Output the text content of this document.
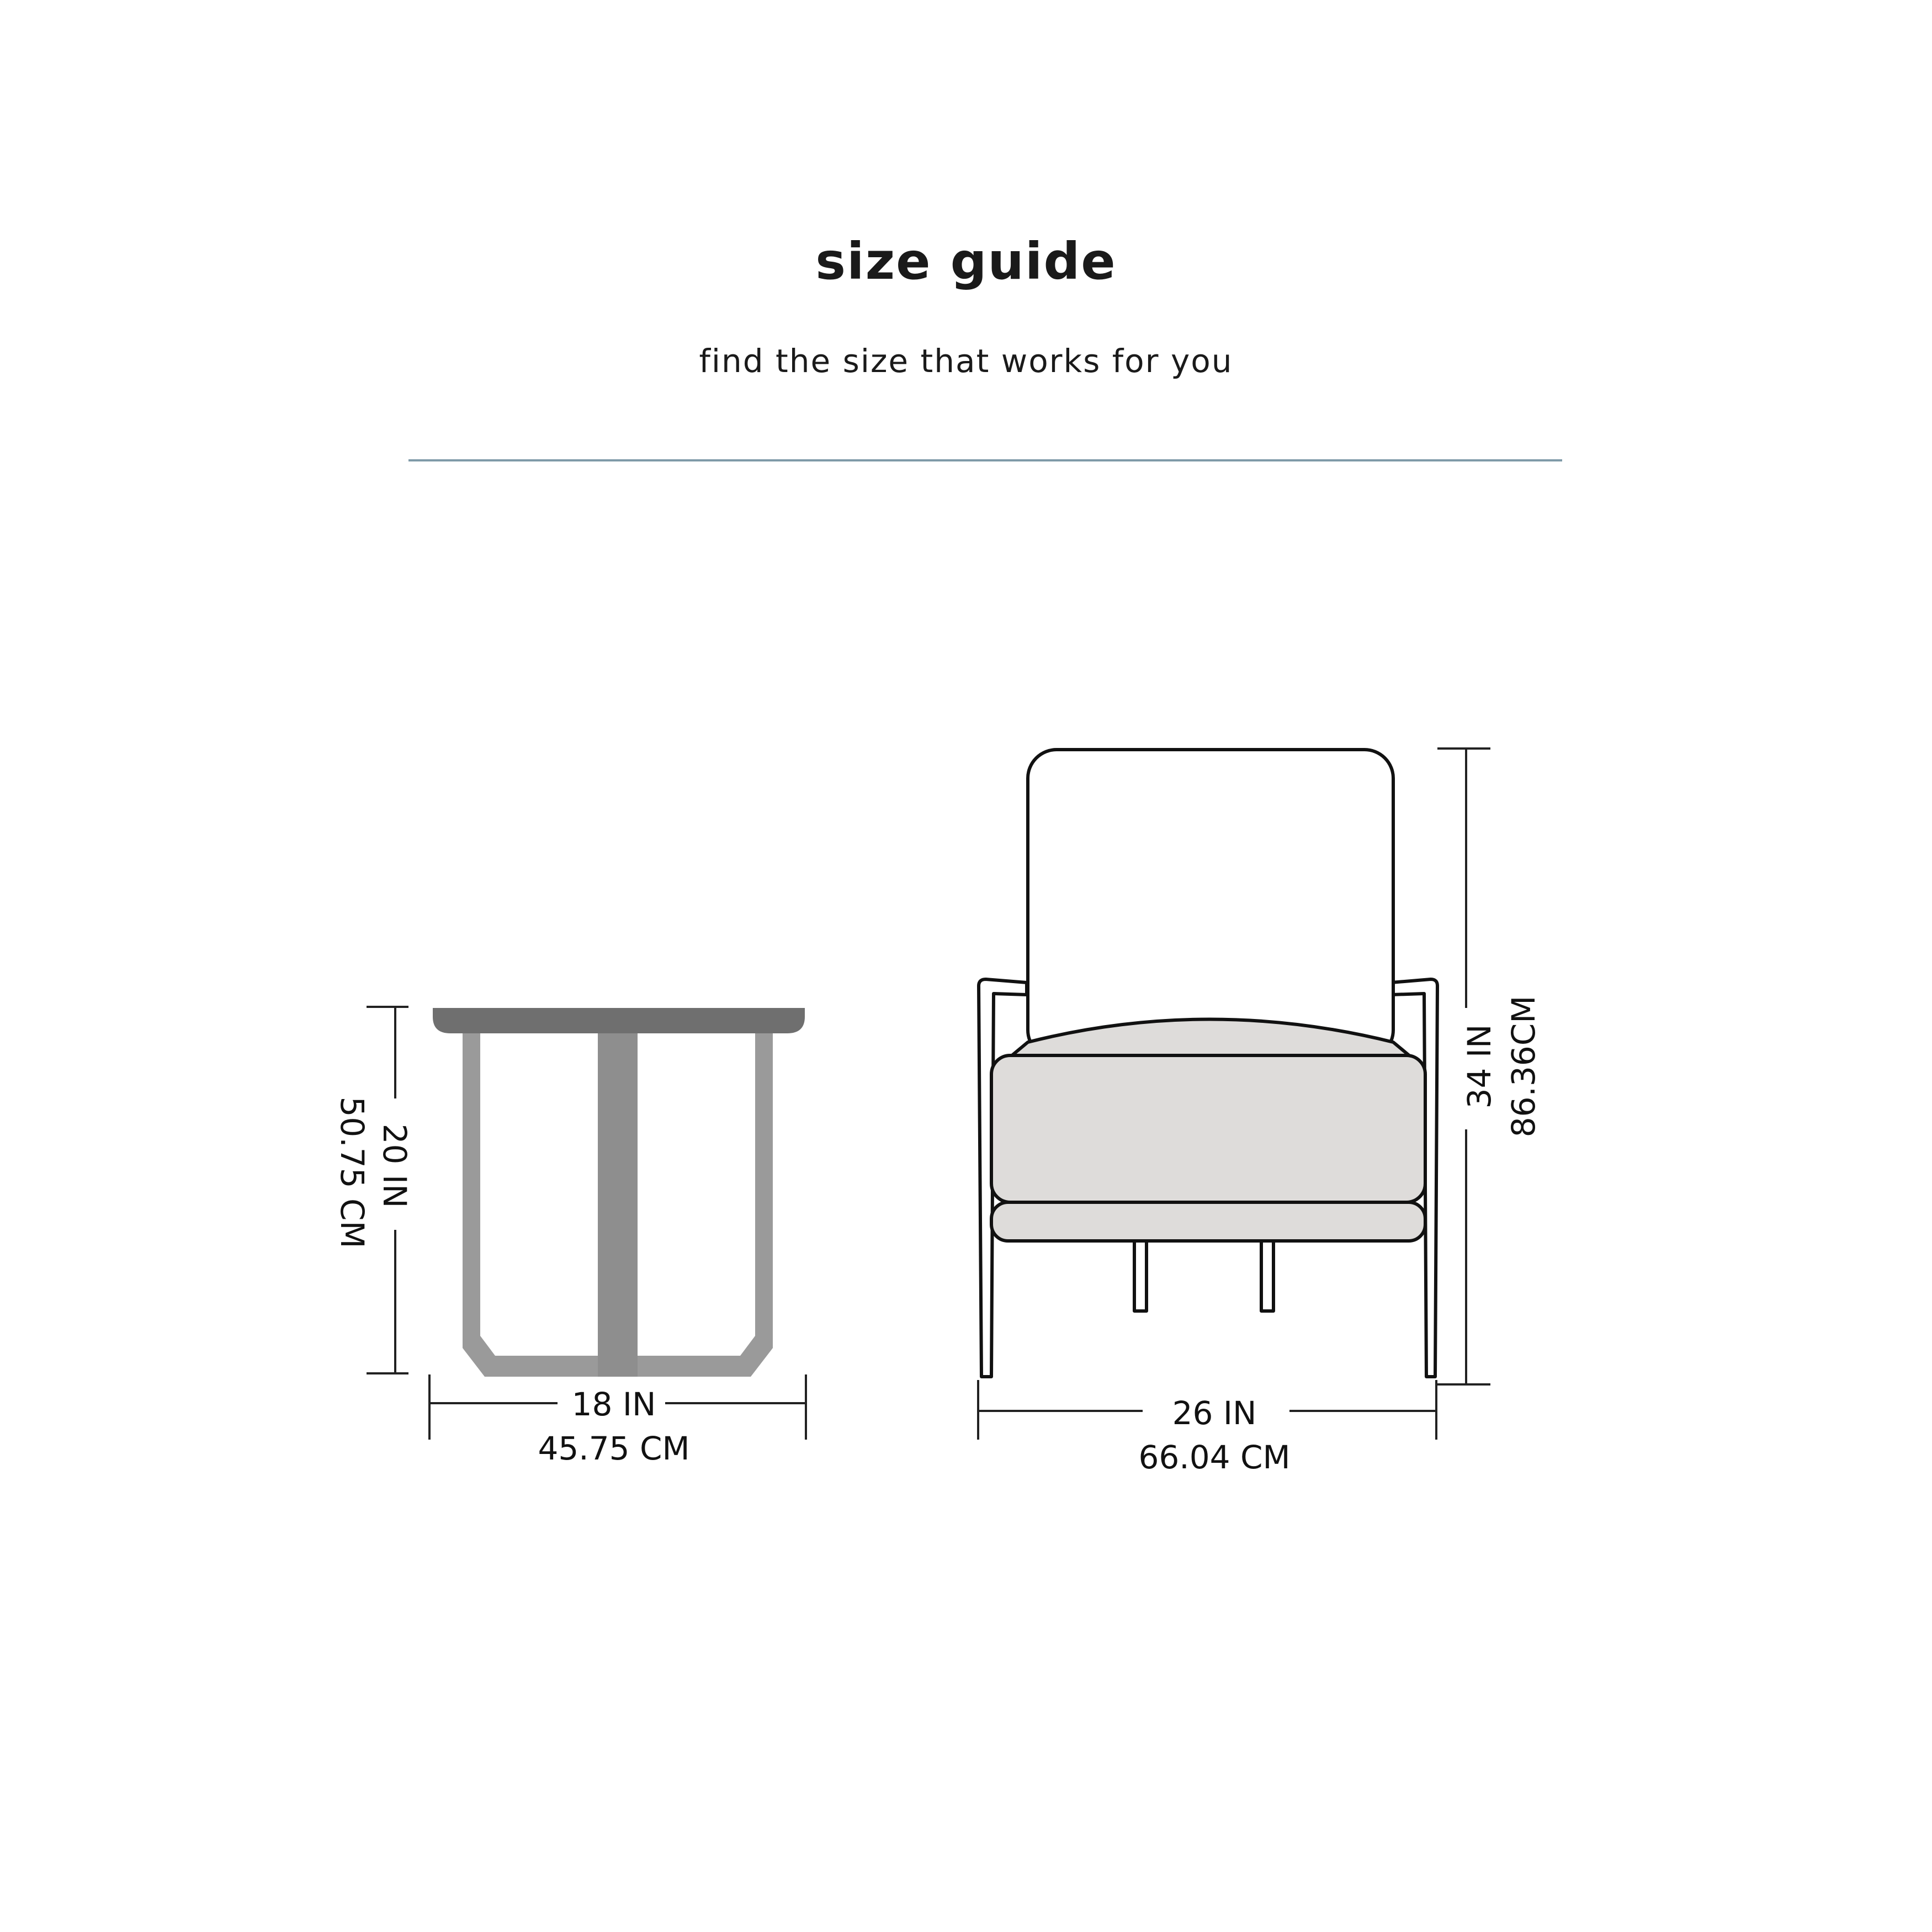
size guide
find the size that works for you
20 IN
50.75 CM
18 IN
45.75 CM
26 IN
66.04 CM
34 IN 86.36CM
